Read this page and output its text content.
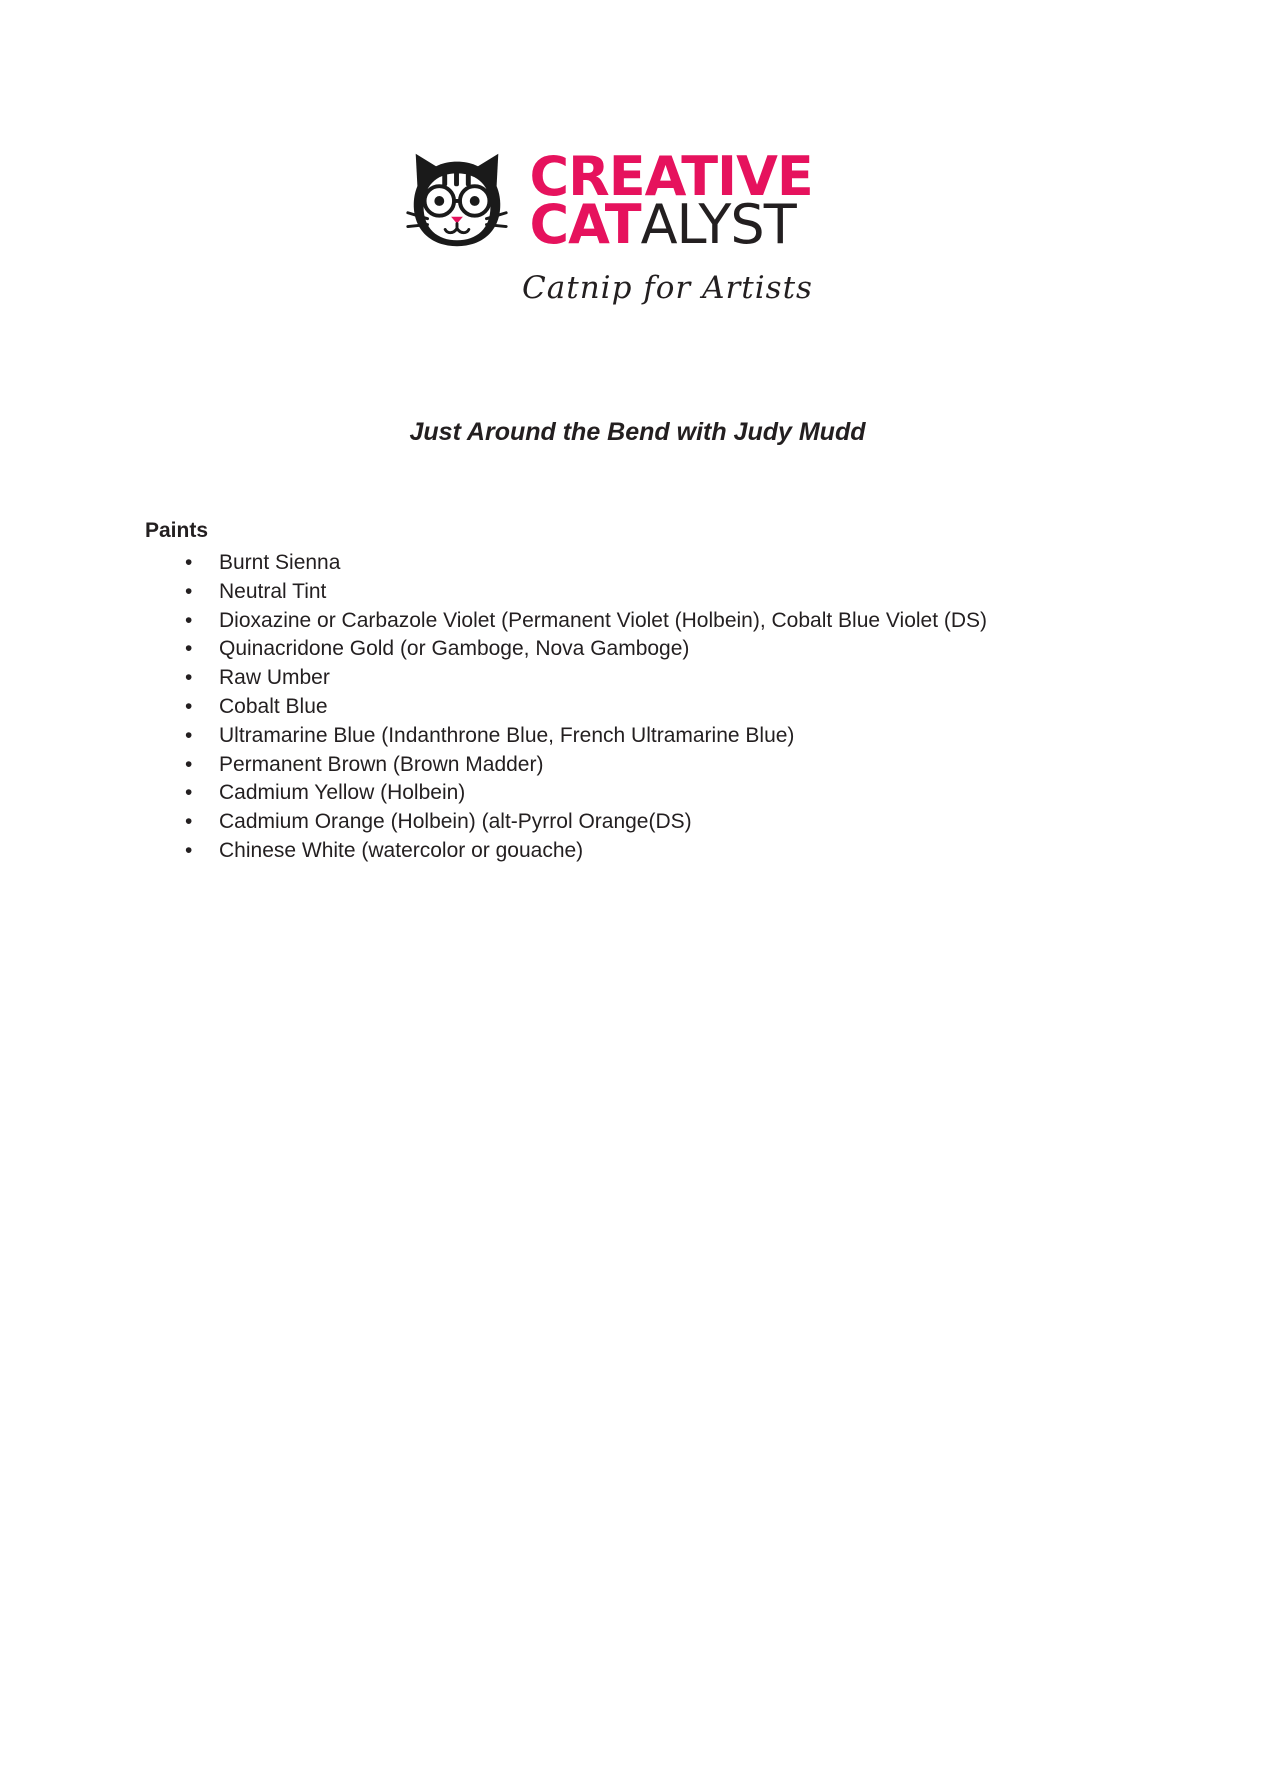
CREATIVE
CATALYST
Catnip for Artists
Just Around the Bend with Judy Mudd
Paints
• Burnt Sienna
• Neutral Tint
• Dioxazine or Carbazole Violet (Permanent Violet (Holbein), Cobalt Blue Violet (DS)
• Quinacridone Gold (or Gamboge, Nova Gamboge)
• Raw Umber
• Cobalt Blue
• Ultramarine Blue (Indanthrone Blue, French Ultramarine Blue)
• Permanent Brown (Brown Madder)
• Cadmium Yellow (Holbein)
• Cadmium Orange (Holbein) (alt-Pyrrol Orange(DS)
• Chinese White (watercolor or gouache)
